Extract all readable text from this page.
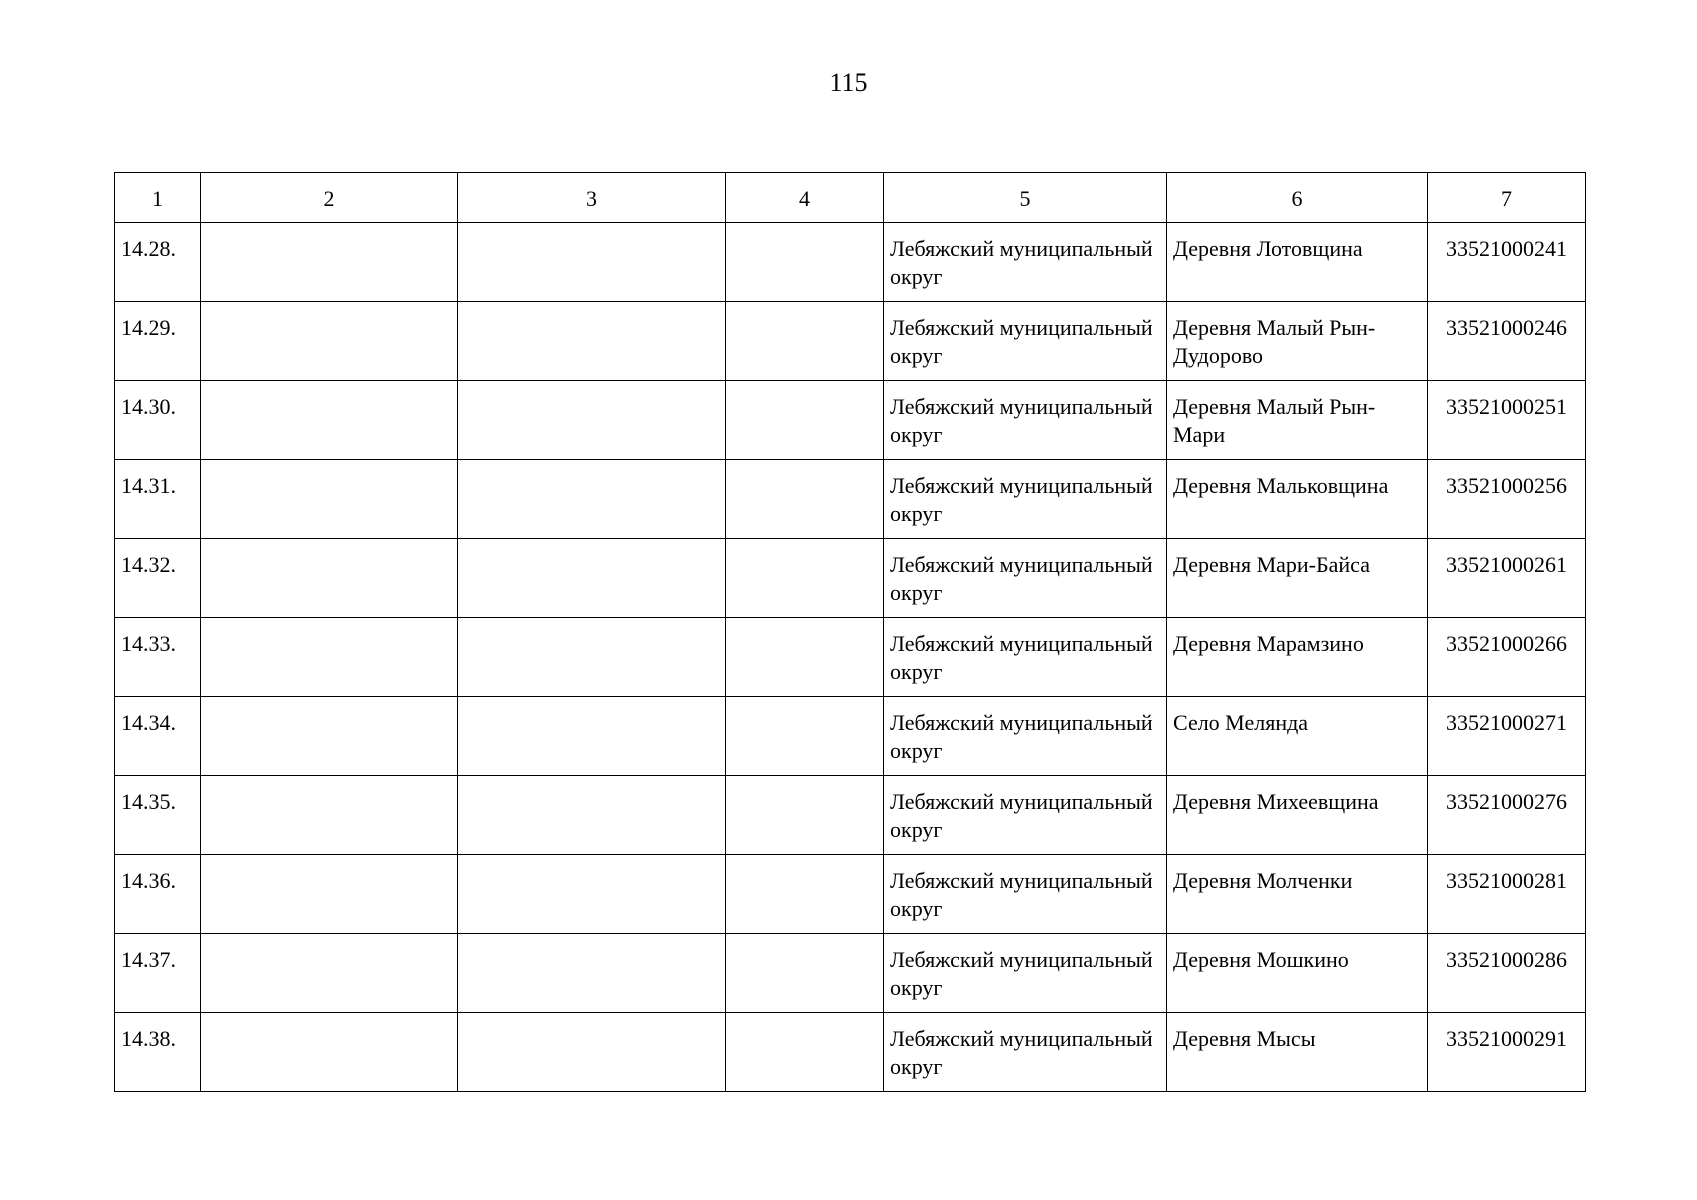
115
1	2	3	4	5	6	7
14.28.				Лебяжский муниципальный округ	Деревня Лотовщина	33521000241
14.29.				Лебяжский муниципальный округ	Деревня Малый Рын-Дудорово	33521000246
14.30.				Лебяжский муниципальный округ	Деревня Малый Рын-Мари	33521000251
14.31.				Лебяжский муниципальный округ	Деревня Мальковщина	33521000256
14.32.				Лебяжский муниципальный округ	Деревня Мари-Байса	33521000261
14.33.				Лебяжский муниципальный округ	Деревня Марамзино	33521000266
14.34.				Лебяжский муниципальный округ	Село Меляндa	33521000271
14.35.				Лебяжский муниципальный округ	Деревня Михеевщина	33521000276
14.36.				Лебяжский муниципальный округ	Деревня Молченки	33521000281
14.37.				Лебяжский муниципальный округ	Деревня Мошкино	33521000286
14.38.				Лебяжский муниципальный округ	Деревня Мысы	33521000291
